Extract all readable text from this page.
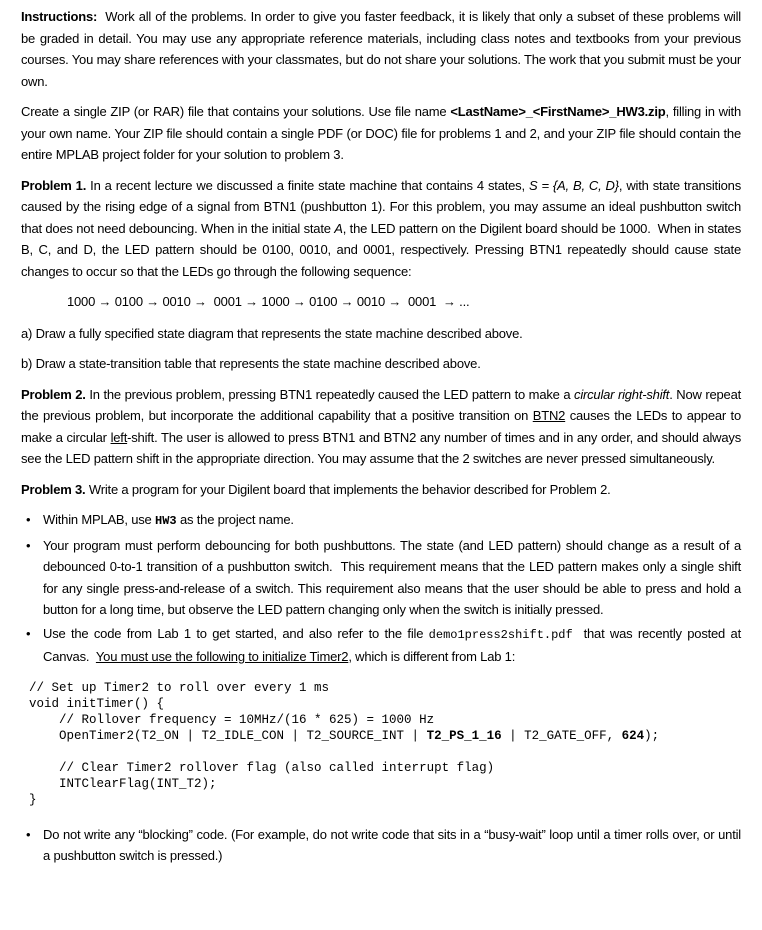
Instructions:  Work all of the problems. In order to give you faster feedback, it is likely that only a subset of these problems will be graded in detail. You may use any appropriate reference materials, including class notes and textbooks from your previous courses. You may share references with your classmates, but do not share your solutions. The work that you submit must be your own.

Create a single ZIP (or RAR) file that contains your solutions. Use file name <LastName>_<FirstName>_HW3.zip, filling in with your own name. Your ZIP file should contain a single PDF (or DOC) file for problems 1 and 2, and your ZIP file should contain the entire MPLAB project folder for your solution to problem 3.

Problem 1. In a recent lecture we discussed a finite state machine that contains 4 states, S = {A, B, C, D}, with state transitions caused by the rising edge of a signal from BTN1 (pushbutton 1). For this problem, you may assume an ideal pushbutton switch that does not need debouncing. When in the initial state A, the LED pattern on the Digilent board should be 1000.  When in states B, C, and D, the LED pattern should be 0100, 0010, and 0001, respectively. Pressing BTN1 repeatedly should cause state changes to occur so that the LEDs go through the following sequence:

1000 → 0100 → 0010 →  0001 → 1000 → 0100 → 0010 →  0001  → ...

a) Draw a fully specified state diagram that represents the state machine described above.

b) Draw a state-transition table that represents the state machine described above.

Problem 2. In the previous problem, pressing BTN1 repeatedly caused the LED pattern to make a circular right-shift. Now repeat the previous problem, but incorporate the additional capability that a positive transition on BTN2 causes the LEDs to appear to make a circular left-shift. The user is allowed to press BTN1 and BTN2 any number of times and in any order, and should always see the LED pattern shift in the appropriate direction. You may assume that the 2 switches are never pressed simultaneously.

Problem 3. Write a program for your Digilent board that implements the behavior described for Problem 2.

• Within MPLAB, use HW3 as the project name.
• Your program must perform debouncing for both pushbuttons. The state (and LED pattern) should change as a result of a debounced 0-to-1 transition of a pushbutton switch.  This requirement means that the LED pattern makes only a single shift for any single press-and-release of a switch. This requirement also means that the user should be able to press and hold a button for a long time, but observe the LED pattern changing only when the switch is initially pressed.
• Use the code from Lab 1 to get started, and also refer to the file demo1press2shift.pdf  that was recently posted at Canvas.  You must use the following to initialize Timer2, which is different from Lab 1:
// Set up Timer2 to roll over every 1 ms
void initTimer() {
// Rollover frequency = 10MHz/(16 * 625) = 1000 Hz
OpenTimer2(T2_ON | T2_IDLE_CON | T2_SOURCE_INT | T2_PS_1_16 | T2_GATE_OFF, 624);
// Clear Timer2 rollover flag (also called interrupt flag)
INTClearFlag(INT_T2);
}
• Do not write any “blocking” code. (For example, do not write code that sits in a “busy-wait” loop until a timer rolls over, or until a pushbutton switch is pressed.)
